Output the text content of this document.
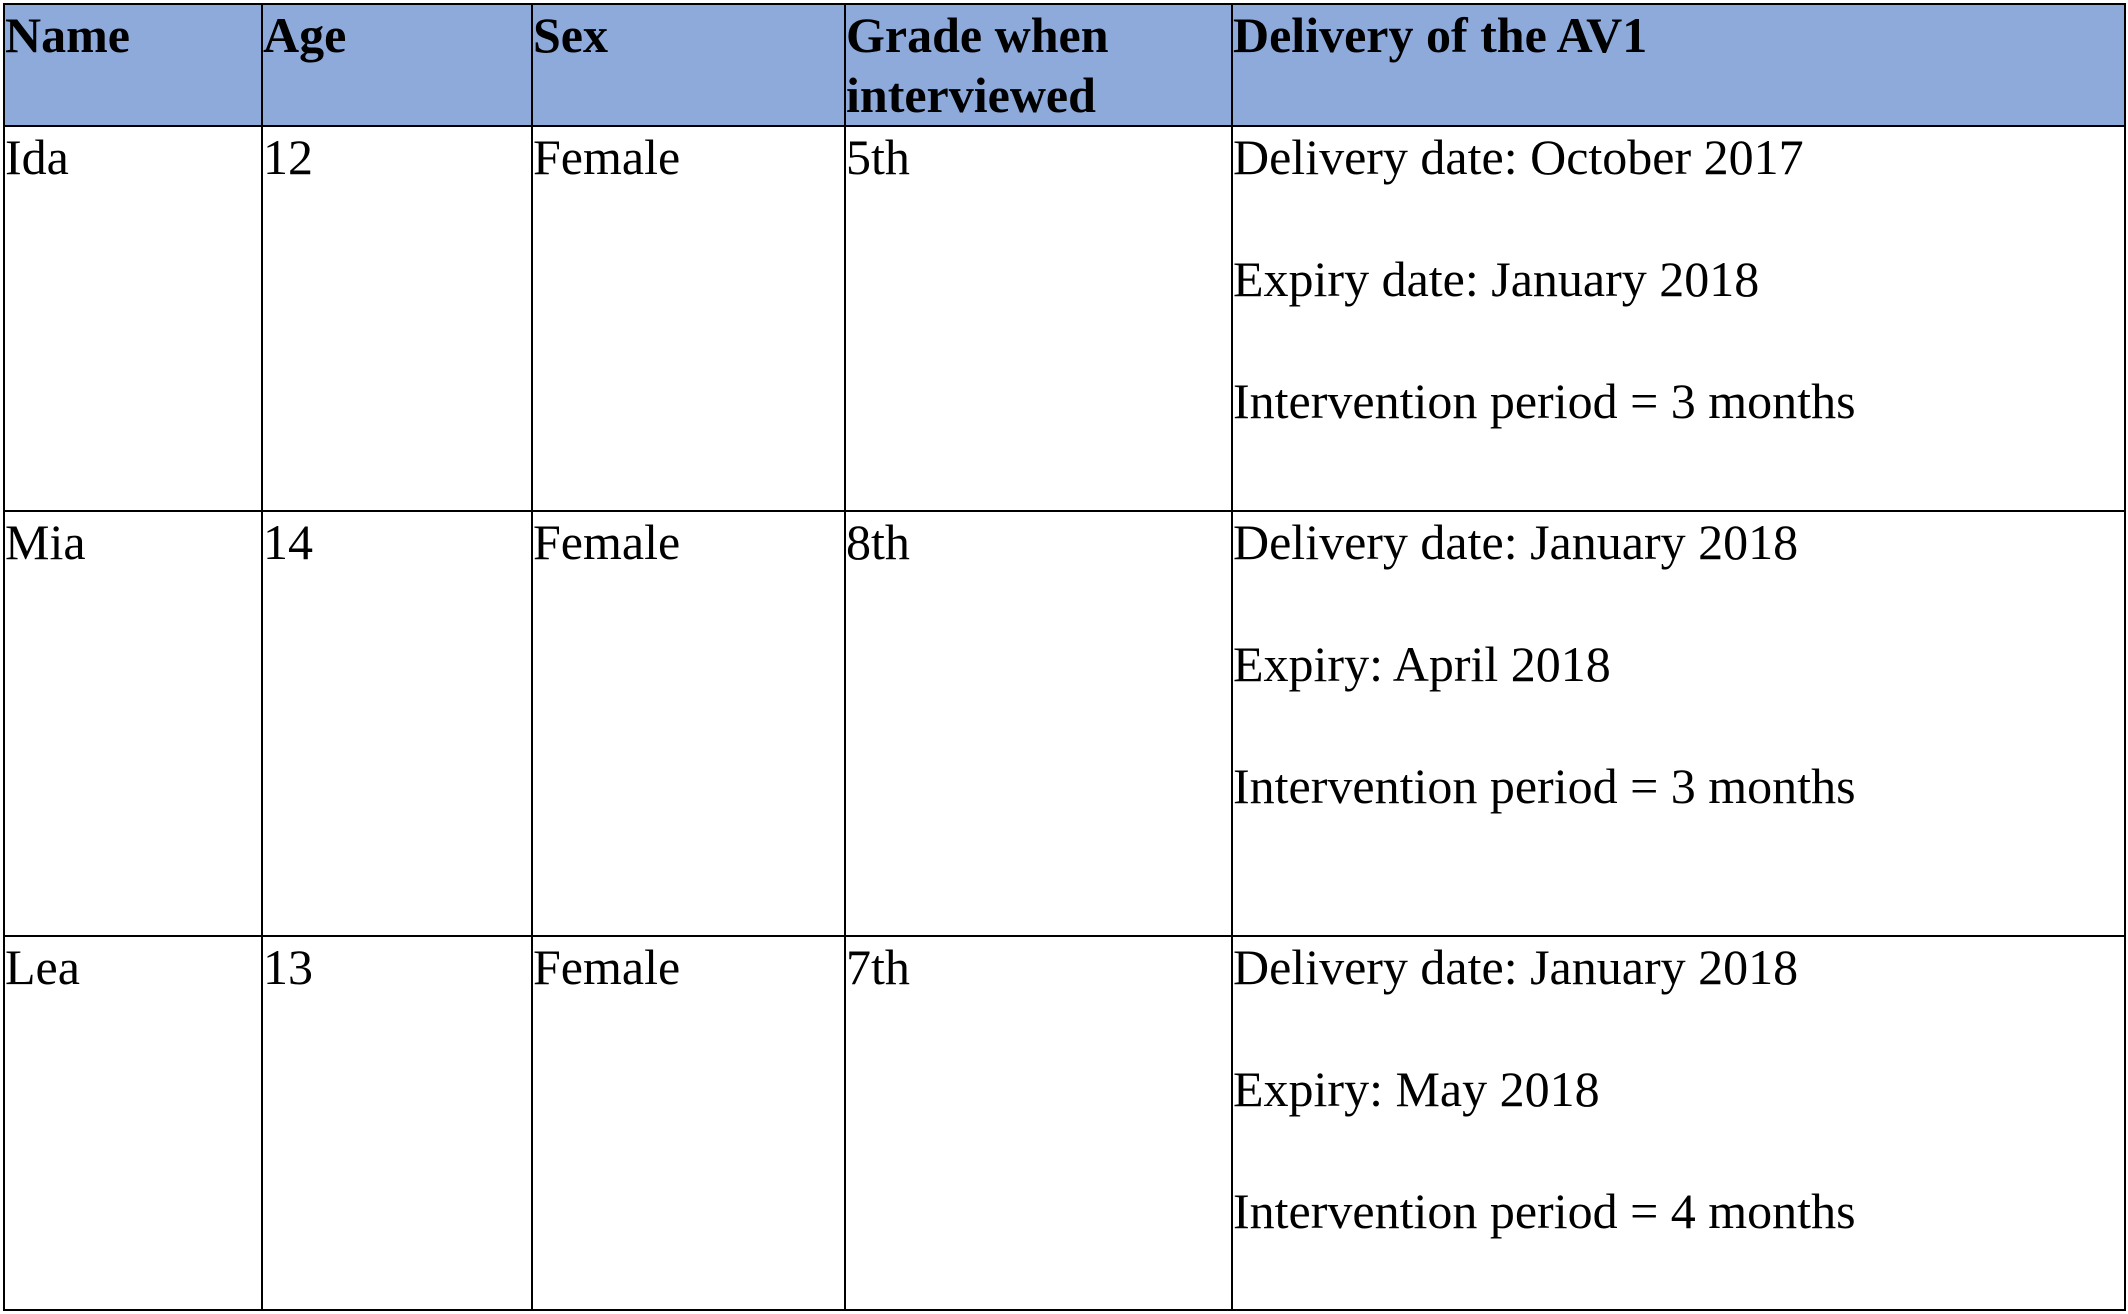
Name	Age	Sex	Grade when interviewed	Delivery of the AV1

Ida	12	Female	5th	Delivery date: October 2017
Expiry date: January 2018
Intervention period = 3 months

Mia	14	Female	8th	Delivery date: January 2018
Expiry: April 2018
Intervention period = 3 months

Lea	13	Female	7th	Delivery date: January 2018
Expiry: May 2018
Intervention period = 4 months
